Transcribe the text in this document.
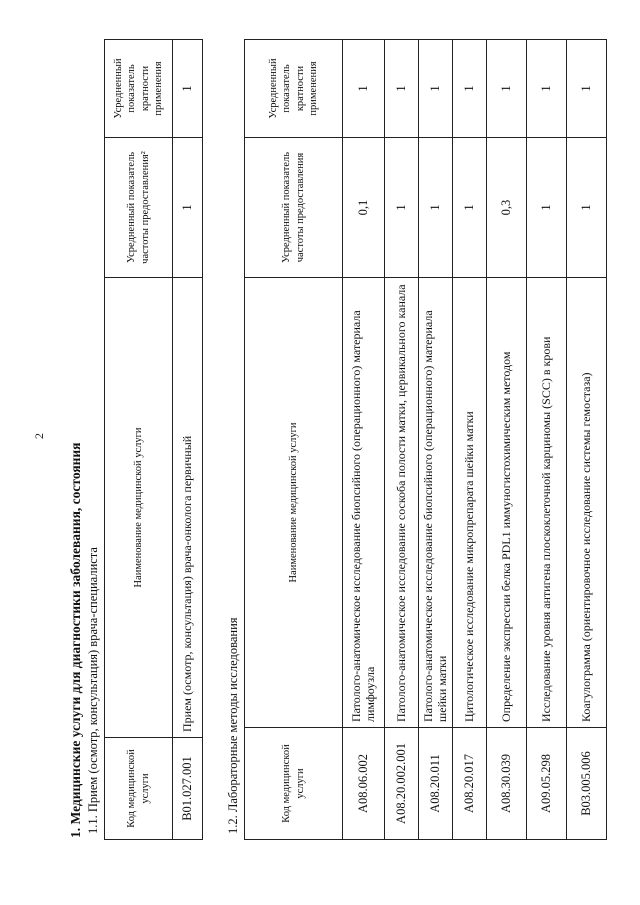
2
1. Медицинские услуги для диагностики заболевания, состояния 1.1. Прием (осмотр, консультация) врача-специалиста	Код медицинской услуги	Наименование медицинской услуги	Усредненный показатель частоты предоставления²	Усредненный показатель кратности применения
B01.027.001	Прием (осмотр, консультация) врача-онколога первичный	1	1
1.2. Лабораторные методы исследования	Код медицинской услуги	Наименование медицинской услуги	Усредненный показатель частоты предоставления	Усредненный показатель кратности применения
A08.06.002	Патолого-анатомическое исследование биопсийного (операционного) материала лимфоузла	0,1	1
A08.20.002.001	Патолого-анатомическое исследование соскоба полости матки, цервикального канала	1	1
A08.20.011	Патолого-анатомическое исследование биопсийного (операционного) материала шейки матки	1	1
A08.20.017	Цитологическое исследование микропрепарата шейки матки	1	1
A08.30.039	Определение экспрессии белка PDL1 иммуногистохимическим методом	0,3	1
A09.05.298	Исследование уровня антигена плоскоклеточной карциномы (SCC) в крови	1	1
B03.005.006	Коагулограмма (ориентировочное исследование системы гемостаза)	1	1
